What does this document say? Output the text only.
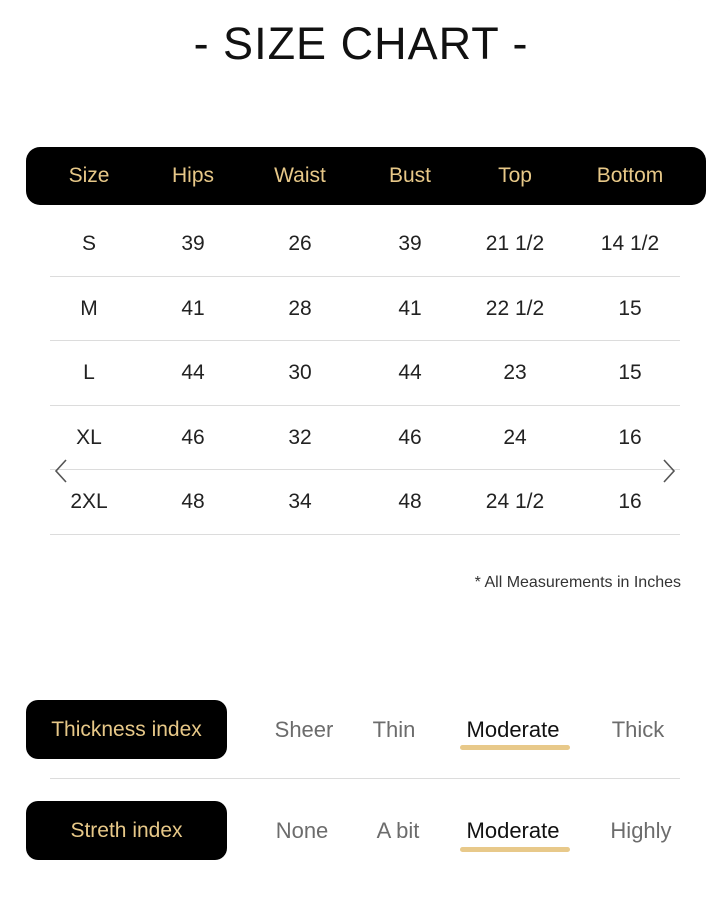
- SIZE CHART -
Size	Hips	Waist	Bust	Top	Bottom
S	39	26	39	21 1/2	14 1/2
M	41	28	41	22 1/2	15
L	44	30	44	23	15
XL	46	32	46	24	16
2XL	48	34	48	24 1/2	16
* All Measurements in Inches
Thickness index	Sheer	Thin	Moderate	Thick
Streth index	None	A bit	Moderate	Highly
